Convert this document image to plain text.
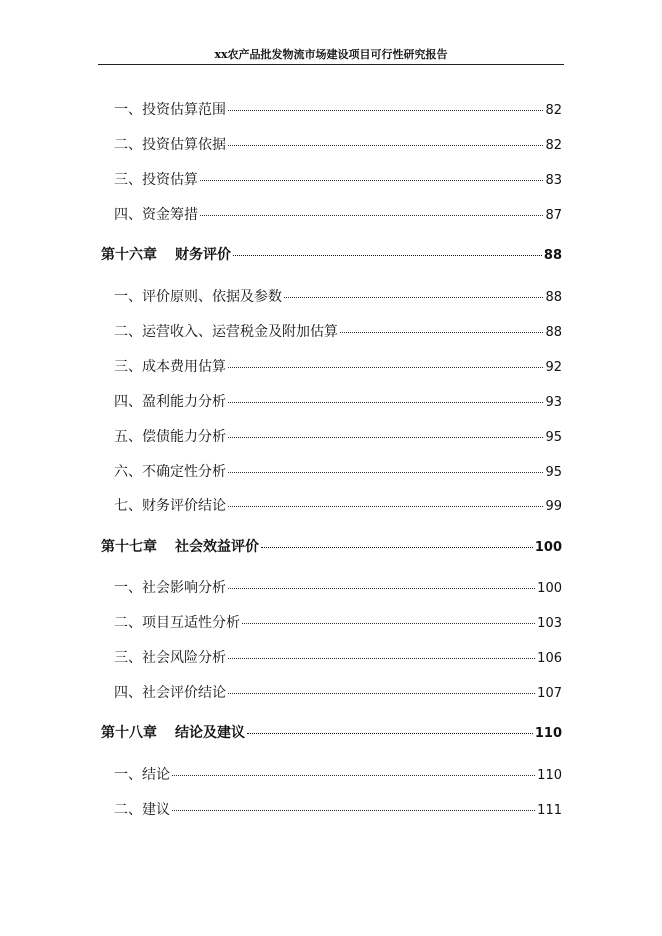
xx农产品批发物流市场建设项目可行性研究报告
一、 投资估算范围	82
二、 投资估算依据	82
三、 投资估算	83
四、 资金筹措	87
第十六章 财务评价	88
一、 评价原则、依据及参数	88
二、 运营收入、运营税金及附加估算	88
三、 成本费用估算	92
四、 盈利能力分析	93
五、 偿债能力分析	95
六、 不确定性分析	95
七、 财务评价结论	99
第十七章 社会效益评价	100
一、 社会影响分析	100
二、 项目互适性分析	103
三、 社会风险分析	106
四、 社会评价结论	107
第十八章 结论及建议	110
一、 结论	110
二、 建议	111
